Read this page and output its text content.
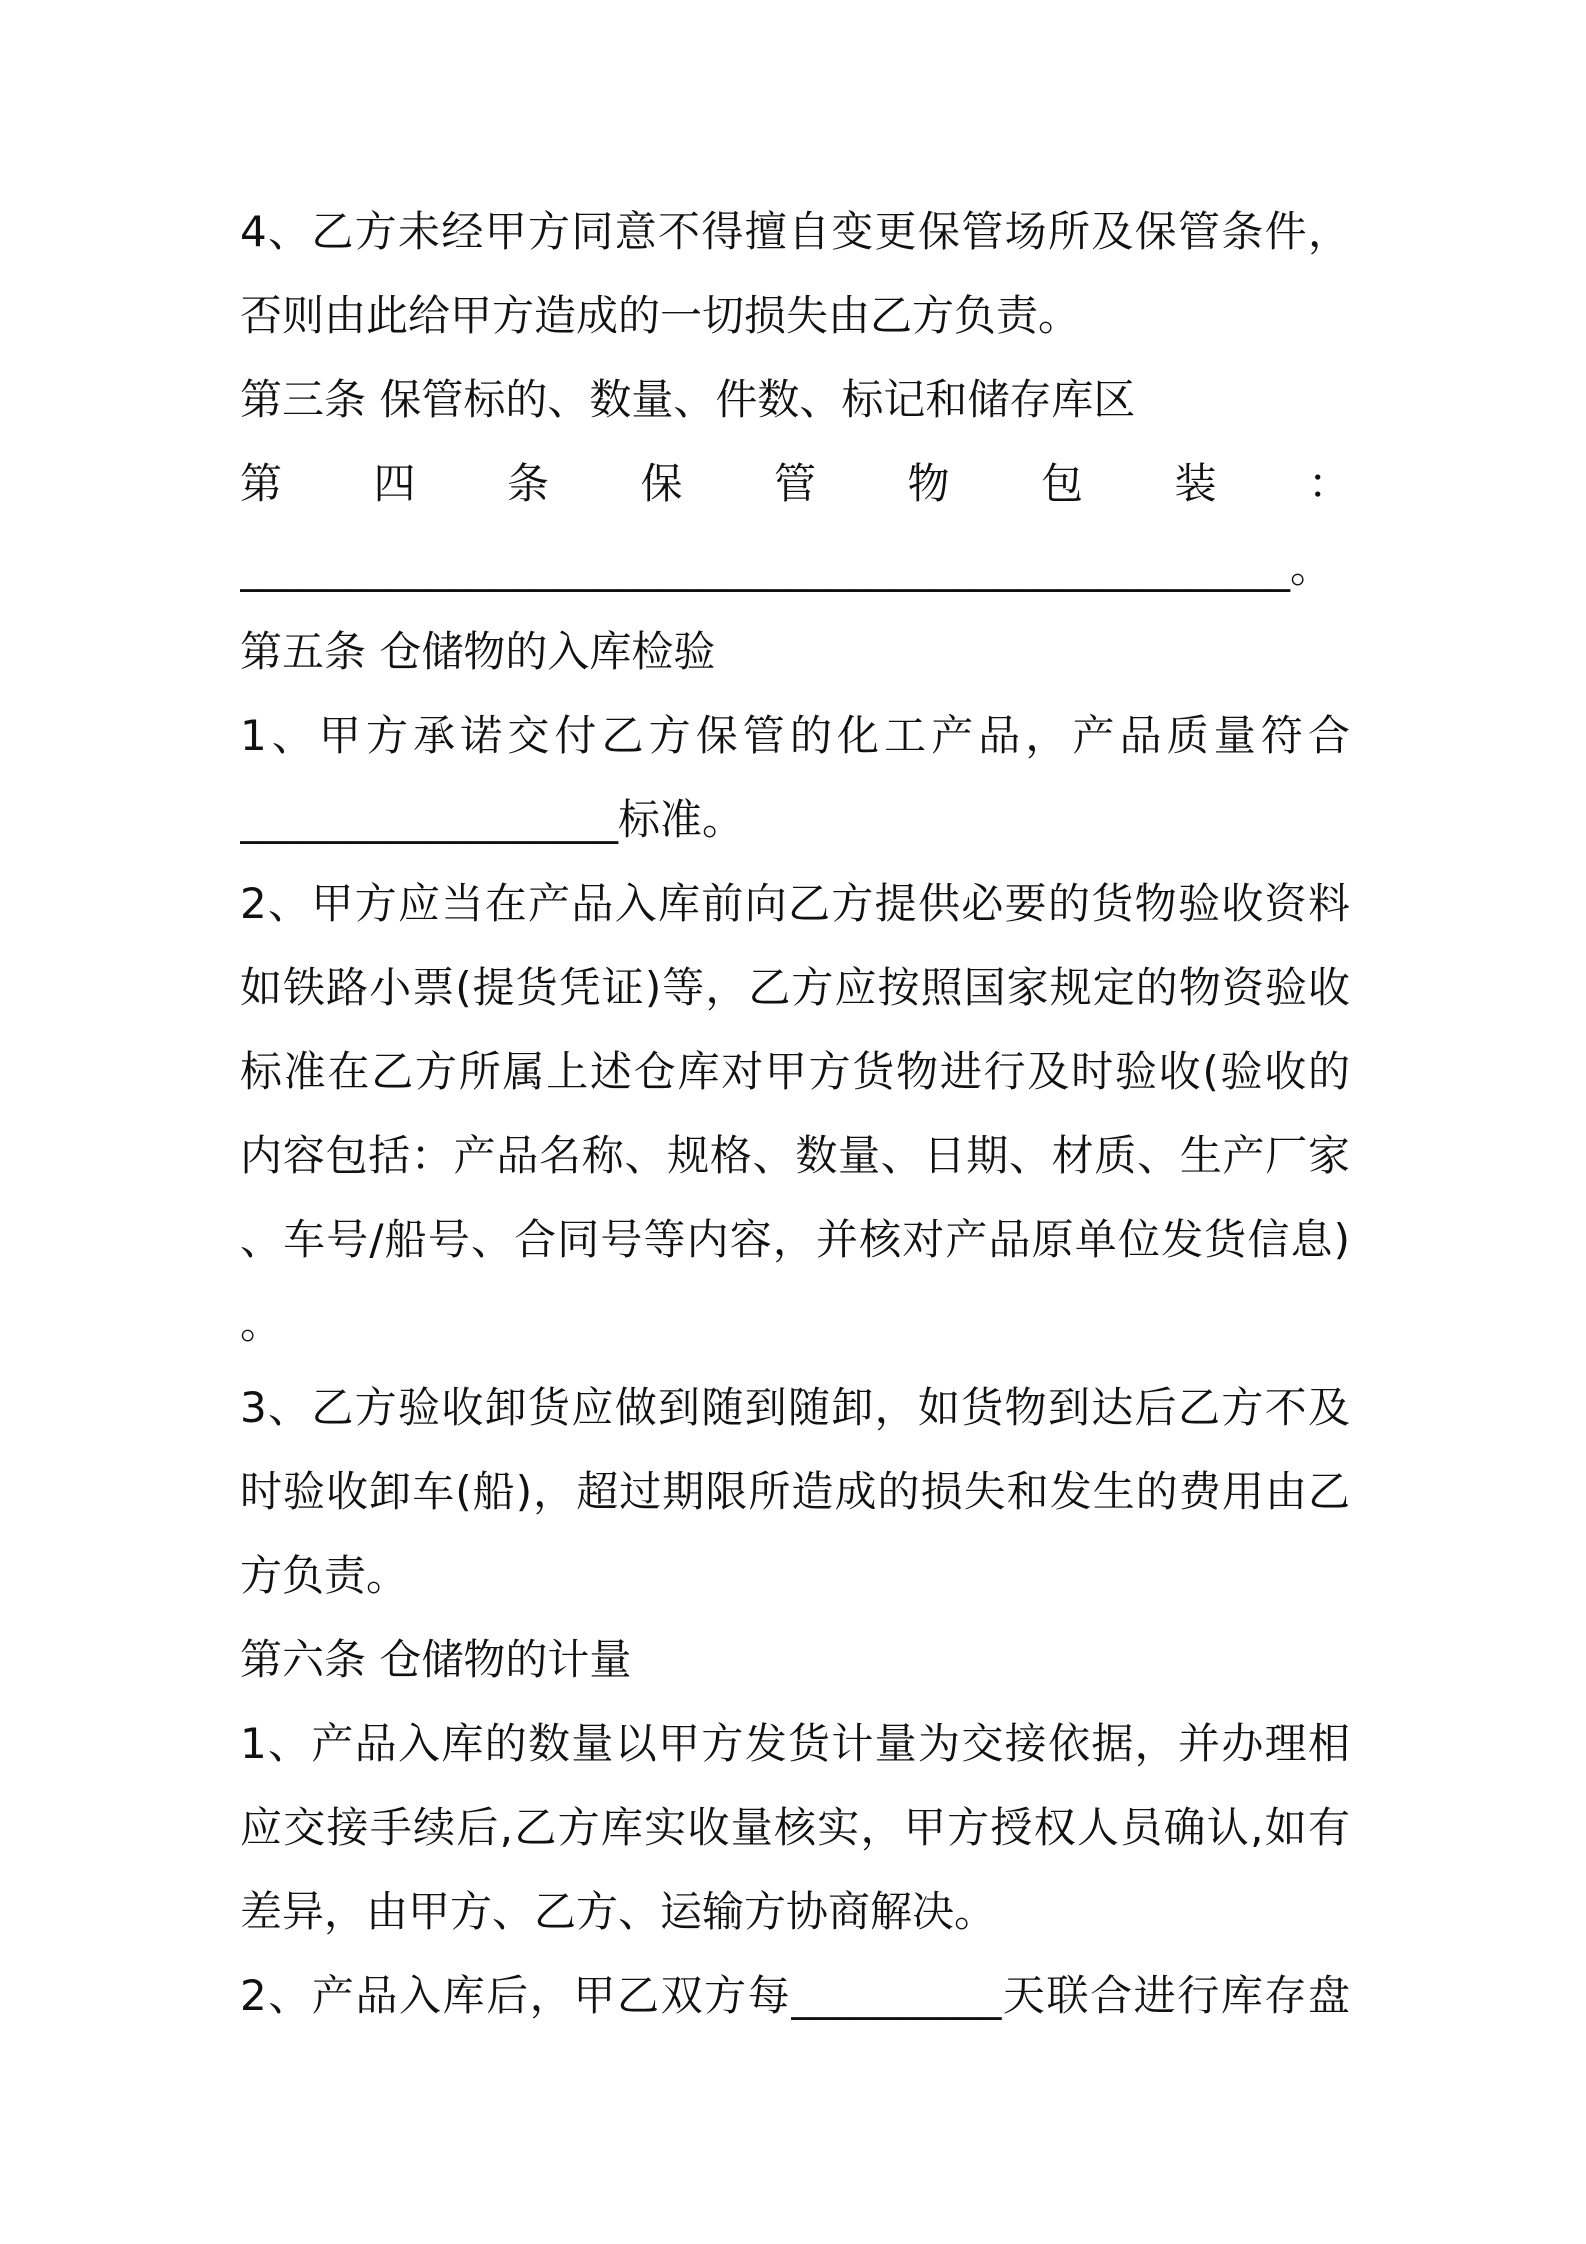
4、乙方未经甲方同意不得擅自变更保管场所及保管条件，
否则由此给甲方造成的一切损失由乙方负责。
第三条 保管标的、数量、件数、标记和储存库区
第 四 条 保 管 物 包 装 ：
__________________________________________________。
第五条 仓储物的入库检验
1、甲方承诺交付乙方保管的化工产品，产品质量符合
__________________标准。
2、甲方应当在产品入库前向乙方提供必要的货物验收资料
如铁路小票(提货凭证)等，乙方应按照国家规定的物资验收
标准在乙方所属上述仓库对甲方货物进行及时验收(验收的
内容包括：产品名称、规格、数量、日期、材质、生产厂家
、车号/船号、合同号等内容，并核对产品原单位发货信息)
。
3、乙方验收卸货应做到随到随卸，如货物到达后乙方不及
时验收卸车(船)，超过期限所造成的损失和发生的费用由乙
方负责。
第六条 仓储物的计量
1、产品入库的数量以甲方发货计量为交接依据，并办理相
应交接手续后,乙方库实收量核实，甲方授权人员确认,如有
差异，由甲方、乙方、运输方协商解决。
2、产品入库后，甲乙双方每__________天联合进行库存盘
